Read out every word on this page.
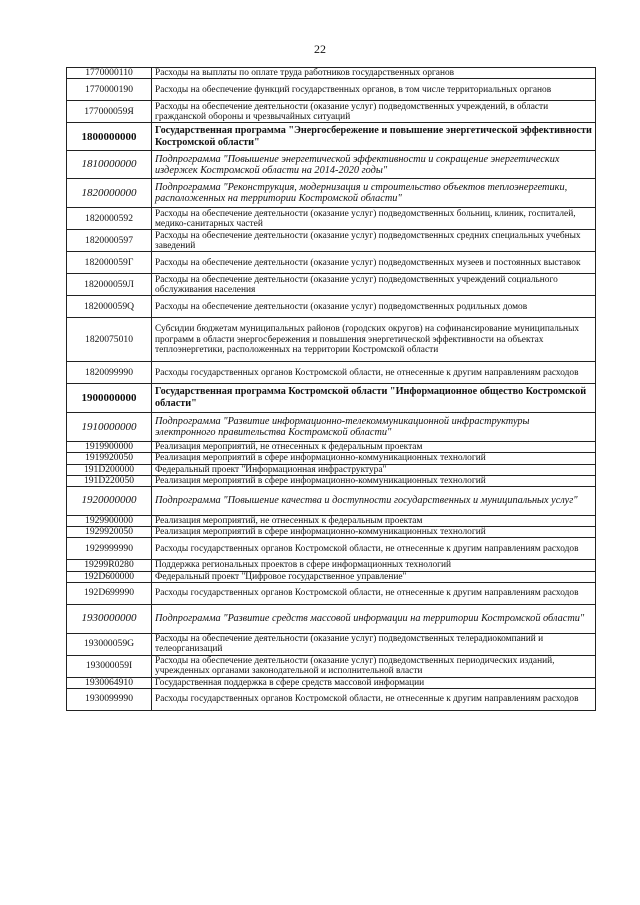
22
1770000110	Расходы на выплаты по оплате труда работников государственных органов
1770000190	Расходы на обеспечение функций государственных органов, в том числе территориальных органов
177000059Я	Расходы на обеспечение деятельности (оказание услуг) подведомственных учреждений, в области гражданской обороны и чрезвычайных ситуаций
1800000000	Государственная программа "Энергосбережение и повышение энергетической эффективности Костромской области"
1810000000	Подпрограмма "Повышение энергетической эффективности и сокращение энергетических издержек Костромской области на 2014-2020 годы"
1820000000	Подпрограмма "Реконструкция, модернизация и строительство объектов теплоэнергетики, расположенных на территории Костромской области"
1820000592	Расходы на обеспечение деятельности (оказание услуг) подведомственных больниц, клиник, госпиталей, медико-санитарных частей
1820000597	Расходы на обеспечение деятельности (оказание услуг) подведомственных средних специальных учебных заведений
182000059Г	Расходы на обеспечение деятельности (оказание услуг) подведомственных музеев и постоянных выставок
182000059Л	Расходы на обеспечение деятельности (оказание услуг) подведомственных учреждений социального обслуживания населения
182000059Q	Расходы на обеспечение деятельности (оказание услуг) подведомственных родильных домов
1820075010	Субсидии бюджетам муниципальных районов (городских округов) на софинансирование муниципальных программ в области энергосбережения и повышения энергетической эффективности на объектах теплоэнергетики, расположенных на территории Костромской области
1820099990	Расходы государственных органов Костромской области, не отнесенные к другим направлениям расходов
1900000000	Государственная программа Костромской области "Информационное общество Костромской области"
1910000000	Подпрограмма "Развитие информационно-телекоммуникационной инфраструктуры электронного правительства Костромской области"
1919900000	Реализация мероприятий, не отнесенных к федеральным проектам
1919920050	Реализация мероприятий в сфере информационно-коммуникационных технологий
191D200000	Федеральный проект "Информационная инфраструктура"
191D220050	Реализация мероприятий в сфере информационно-коммуникационных технологий
1920000000	Подпрограмма "Повышение качества и доступности государственных и муниципальных услуг"
1929900000	Реализация мероприятий, не отнесенных к федеральным проектам
1929920050	Реализация мероприятий в сфере информационно-коммуникационных технологий
1929999990	Расходы государственных органов Костромской области, не отнесенные к другим направлениям расходов
19299R0280	Поддержка региональных проектов в сфере информационных технологий
192D600000	Федеральный проект "Цифровое государственное управление"
192D699990	Расходы государственных органов Костромской области, не отнесенные к другим направлениям расходов
1930000000	Подпрограмма "Развитие средств массовой информации на территории Костромской области"
193000059G	Расходы на обеспечение деятельности (оказание услуг) подведомственных телерадиокомпаний и телеорганизаций
193000059I	Расходы на обеспечение деятельности (оказание услуг) подведомственных периодических изданий, учрежденных органами законодательной и исполнительной власти
1930064910	Государственная поддержка в сфере средств массовой информации
1930099990	Расходы государственных органов Костромской области, не отнесенные к другим направлениям расходов
